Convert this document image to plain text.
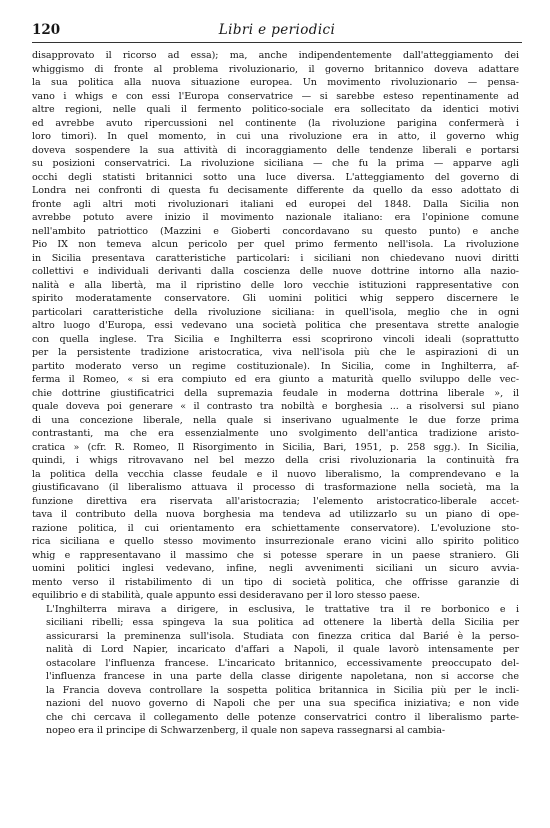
120	Libri e periodici

disapprovato il ricorso ad essa); ma, anche indipendentemente dall'atteggiamento dei
whiggismo di fronte al problema rivoluzionario, il governo britannico doveva adattare
la sua politica alla nuova situazione europea. Un movimento rivoluzionario — pensa-
vano i whigs e con essi l'Europa conservatrice — si sarebbe esteso repentinamente ad
altre regioni, nelle quali il fermento politico-sociale era sollecitato da identici motivi
ed avrebbe avuto ripercussioni nel continente (la rivoluzione parigina confermerà i
loro timori). In quel momento, in cui una rivoluzione era in atto, il governo whig
doveva sospendere la sua attività di incoraggiamento delle tendenze liberali e portarsi
su posizioni conservatrici. La rivoluzione siciliana — che fu la prima — apparve agli
occhi degli statisti britannici sotto una luce diversa. L'atteggiamento del governo di
Londra nei confronti di questa fu decisamente differente da quello da esso adottato di
fronte agli altri moti rivoluzionari italiani ed europei del 1848. Dalla Sicilia non
avrebbe potuto avere inizio il movimento nazionale italiano: era l'opinione comune
nell'ambito patriottico (Mazzini e Gioberti concordavano su questo punto) e anche
Pio IX non temeva alcun pericolo per quel primo fermento nell'isola. La rivoluzione
in Sicilia presentava caratteristiche particolari: i siciliani non chiedevano nuovi diritti
collettivi e individuali derivanti dalla coscienza delle nuove dottrine intorno alla nazio-
nalità e alla libertà, ma il ripristino delle loro vecchie istituzioni rappresentative con
spirito moderatamente conservatore. Gli uomini politici whig seppero discernere le
particolari caratteristiche della rivoluzione siciliana: in quell'isola, meglio che in ogni
altro luogo d'Europa, essi vedevano una società politica che presentava strette analogie
con quella inglese. Tra Sicilia e Inghilterra essi scoprirono vincoli ideali (soprattutto
per la persistente tradizione aristocratica, viva nell'isola più che le aspirazioni di un
partito moderato verso un regime costituzionale). In Sicilia, come in Inghilterra, af-
ferma il Romeo, « si era compiuto ed era giunto a maturità quello sviluppo delle vec-
chie dottrine giustificatrici della supremazia feudale in moderna dottrina liberale », il
quale doveva poi generare « il contrasto tra nobiltà e borghesia ... a risolversi sul piano
di una concezione liberale, nella quale si inserivano ugualmente le due forze prima
contrastanti, ma che era essenzialmente uno svolgimento dell'antica tradizione aristo-
cratica » (cfr. R. Romeo, Il Risorgimento in Sicilia, Bari, 1951, p. 258 sgg.). In Sicilia,
quindi, i whigs ritrovavano nel bel mezzo della crisi rivoluzionaria la continuità fra
la politica della vecchia classe feudale e il nuovo liberalismo, la comprendevano e la
giustificavano (il liberalismo attuava il processo di trasformazione nella società, ma la
funzione direttiva era riservata all'aristocrazia; l'elemento aristocratico-liberale accet-
tava il contributo della nuova borghesia ma tendeva ad utilizzarlo su un piano di ope-
razione politica, il cui orientamento era schiettamente conservatore). L'evoluzione sto-
rica siciliana e quello stesso movimento insurrezionale erano vicini allo spirito politico
whig e rappresentavano il massimo che si potesse sperare in un paese straniero. Gli
uomini politici inglesi vedevano, infine, negli avvenimenti siciliani un sicuro avvia-
mento verso il ristabilimento di un tipo di società politica, che offrisse garanzie di
equilibrio e di stabilità, quale appunto essi desideravano per il loro stesso paese.

L'Inghilterra mirava a dirigere, in esclusiva, le trattative tra il re borbonico e i
siciliani ribelli; essa spingeva la sua politica ad ottenere la libertà della Sicilia per
assicurarsi la preminenza sull'isola. Studiata con finezza critica dal Barié è la perso-
nalità di Lord Napier, incaricato d'affari a Napoli, il quale lavorò intensamente per
ostacolare l'influenza francese. L'incaricato britannico, eccessivamente preoccupato del-
l'influenza francese in una parte della classe dirigente napoletana, non si accorse che
la Francia doveva controllare la sospetta politica britannica in Sicilia più per le incli-
nazioni del nuovo governo di Napoli che per una sua specifica iniziativa; e non vide
che chi cercava il collegamento delle potenze conservatrici contro il liberalismo parte-
nopeo era il principe di Schwarzenberg, il quale non sapeva rassegnarsi al cambia-
